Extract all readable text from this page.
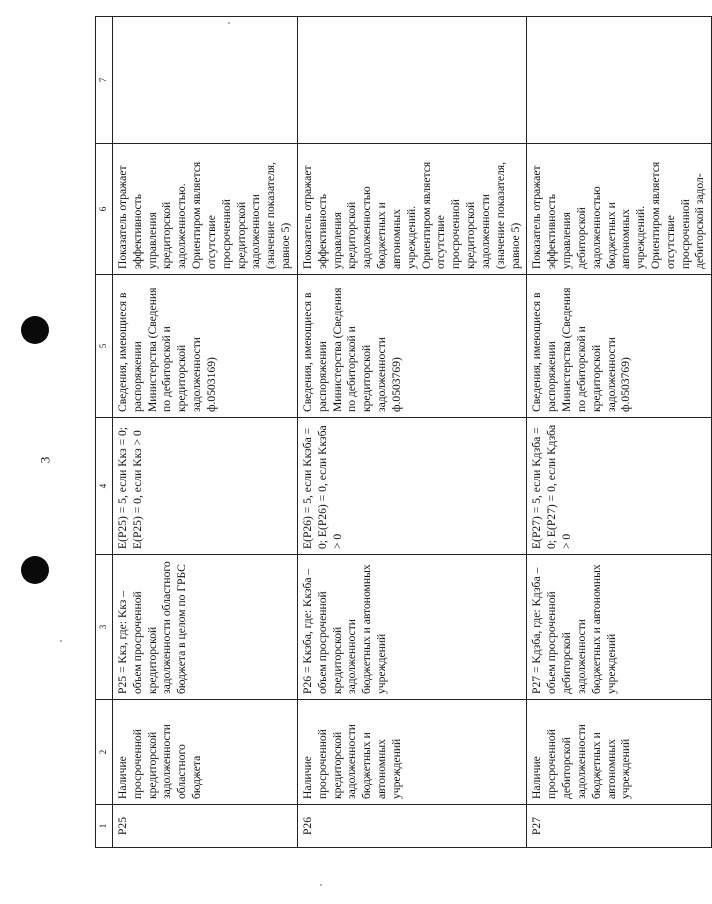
3
1	2	3	4	5	6	7
P25	Наличие просроченной кредиторской задолженности областного бюджета	P25 = Kкз, где: Kкз – объем просроченной кредиторской задолженности областного бюджета в целом по ГРБС	E(P25) = 5, если Kкз = 0; E(P25) = 0, если Kкз > 0	Сведения, имеющиеся в распоряжении Министерства (Сведения по дебиторской и кредиторской задолженности ф.0503169)	Показатель отражает эффективность управления кредиторской задолженностью. Ориентиром является отсутствие просроченной кредиторской задолженности (значение показателя, равное 5)	
P26	Наличие просроченной кредиторской задолженности бюджетных и автономных учреждений	P26 = Kкзба, где: Kкзба – объем просроченной кредиторской задолженности бюджетных и автономных учреждений	E(P26) = 5, если Kкзба = 0; E(P26) = 0, если Kкзба > 0	Сведения, имеющиеся в распоряжении Министерства (Сведения по дебиторской и кредиторской задолженности ф.0503769)	Показатель отражает эффективность управления кредиторской задолженностью бюджетных и автономных учреждений. Ориентиром является отсутствие просроченной кредиторской задолженности (значение показателя, равное 5)	
P27	Наличие просроченной дебиторской задолженности бюджетных и автономных учреждений	P27 = Kдзба, где: Kдзба – объем просроченной дебиторской задолженности бюджетных и автономных учреждений	E(P27) = 5, если Kдзба = 0; E(P27) = 0, если Kдзба > 0	Сведения, имеющиеся в распоряжении Министерства (Сведения по дебиторской и кредиторской задолженности ф.0503769)	Показатель отражает эффективность управления дебиторской задолженностью бюджетных и автономных учреждений. Ориентиром является отсутствие просроченной дебиторской задол-	
